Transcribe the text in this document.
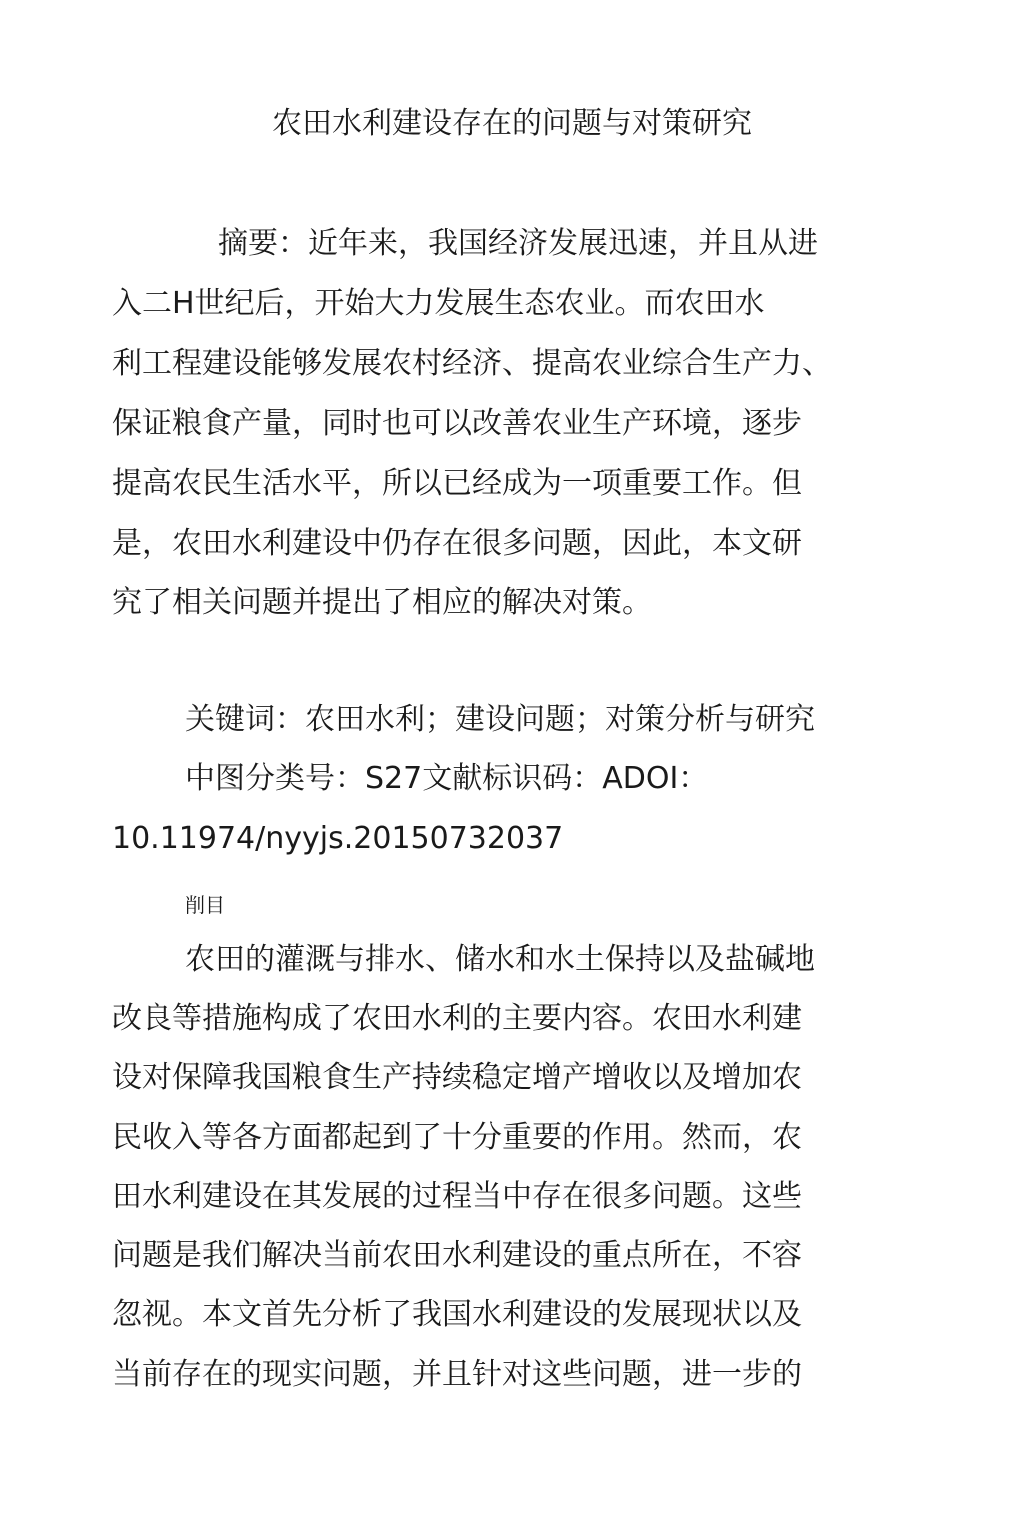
农田水利建设存在的问题与对策研究
摘要：近年来，我国经济发展迅速，并且从进
入二H世纪后，开始大力发展生态农业。而农田水
利工程建设能够发展农村经济、提高农业综合生产力、
保证粮食产量，同时也可以改善农业生产环境，逐步
提高农民生活水平，所以已经成为一项重要工作。但
是，农田水利建设中仍存在很多问题，因此，本文研
究了相关问题并提出了相应的解决对策。
关键词：农田水利；建设问题；对策分析与研究
中图分类号：S27文献标识码：ADOI：
10.11974/nyyjs.20150732037
削目
农田的灌溉与排水、储水和水土保持以及盐碱地
改良等措施构成了农田水利的主要内容。农田水利建
设对保障我国粮食生产持续稳定增产增收以及增加农
民收入等各方面都起到了十分重要的作用。然而，农
田水利建设在其发展的过程当中存在很多问题。这些
问题是我们解决当前农田水利建设的重点所在，不容
忽视。本文首先分析了我国水利建设的发展现状以及
当前存在的现实问题，并且针对这些问题，进一步的
